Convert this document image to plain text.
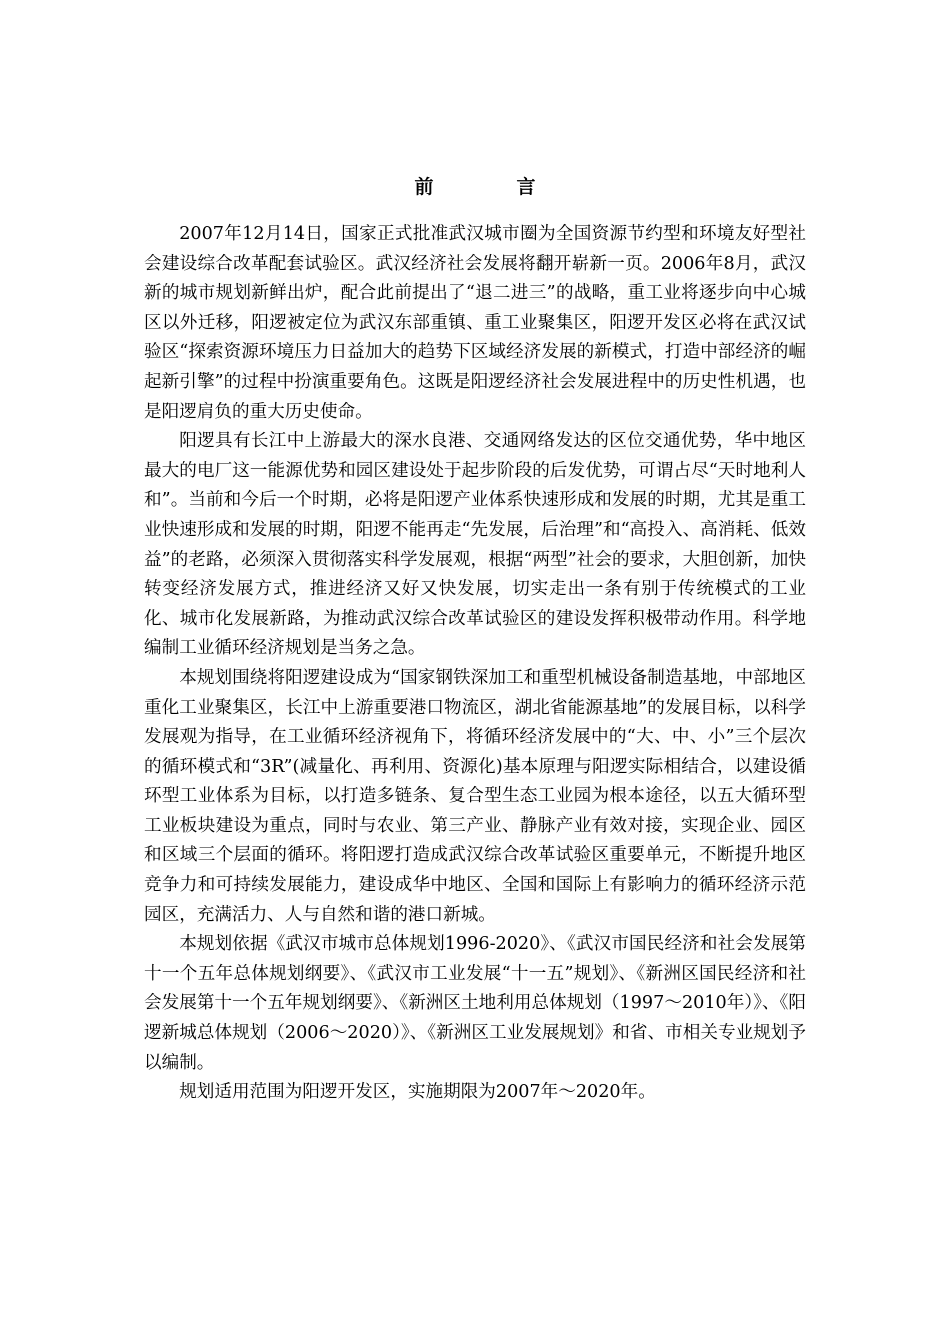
前　言

2007年12月14日，国家正式批准武汉城市圈为全国资源节约型和环境友好型社会建设综合改革配套试验区。武汉经济社会发展将翻开崭新一页。2006年8月，武汉新的城市规划新鲜出炉，配合此前提出了“退二进三”的战略，重工业将逐步向中心城区以外迁移，阳逻被定位为武汉东部重镇、重工业聚集区，阳逻开发区必将在武汉试验区“探索资源环境压力日益加大的趋势下区域经济发展的新模式，打造中部经济的崛起新引擎”的过程中扮演重要角色。这既是阳逻经济社会发展进程中的历史性机遇，也是阳逻肩负的重大历史使命。

阳逻具有长江中上游最大的深水良港、交通网络发达的区位交通优势，华中地区最大的电厂这一能源优势和园区建设处于起步阶段的后发优势，可谓占尽“天时地利人和”。当前和今后一个时期，必将是阳逻产业体系快速形成和发展的时期，尤其是重工业快速形成和发展的时期，阳逻不能再走“先发展，后治理”和“高投入、高消耗、低效益”的老路，必须深入贯彻落实科学发展观，根据“两型”社会的要求，大胆创新，加快转变经济发展方式，推进经济又好又快发展，切实走出一条有别于传统模式的工业化、城市化发展新路，为推动武汉综合改革试验区的建设发挥积极带动作用。科学地编制工业循环经济规划是当务之急。

本规划围绕将阳逻建设成为“国家钢铁深加工和重型机械设备制造基地，中部地区重化工业聚集区，长江中上游重要港口物流区，湖北省能源基地”的发展目标，以科学发展观为指导，在工业循环经济视角下，将循环经济发展中的“大、中、小”三个层次的循环模式和“3R”(减量化、再利用、资源化)基本原理与阳逻实际相结合，以建设循环型工业体系为目标，以打造多链条、复合型生态工业园为根本途径，以五大循环型工业板块建设为重点，同时与农业、第三产业、静脉产业有效对接，实现企业、园区和区域三个层面的循环。将阳逻打造成武汉综合改革试验区重要单元，不断提升地区竞争力和可持续发展能力，建设成华中地区、全国和国际上有影响力的循环经济示范园区，充满活力、人与自然和谐的港口新城。

本规划依据《武汉市城市总体规划1996-2020》、《武汉市国民经济和社会发展第十一个五年总体规划纲要》、《武汉市工业发展“十一五”规划》、《新洲区国民经济和社会发展第十一个五年规划纲要》、《新洲区土地利用总体规划（1997～2010年）》、《阳逻新城总体规划（2006～2020）》、《新洲区工业发展规划》和省、市相关专业规划予以编制。

规划适用范围为阳逻开发区，实施期限为2007年～2020年。
